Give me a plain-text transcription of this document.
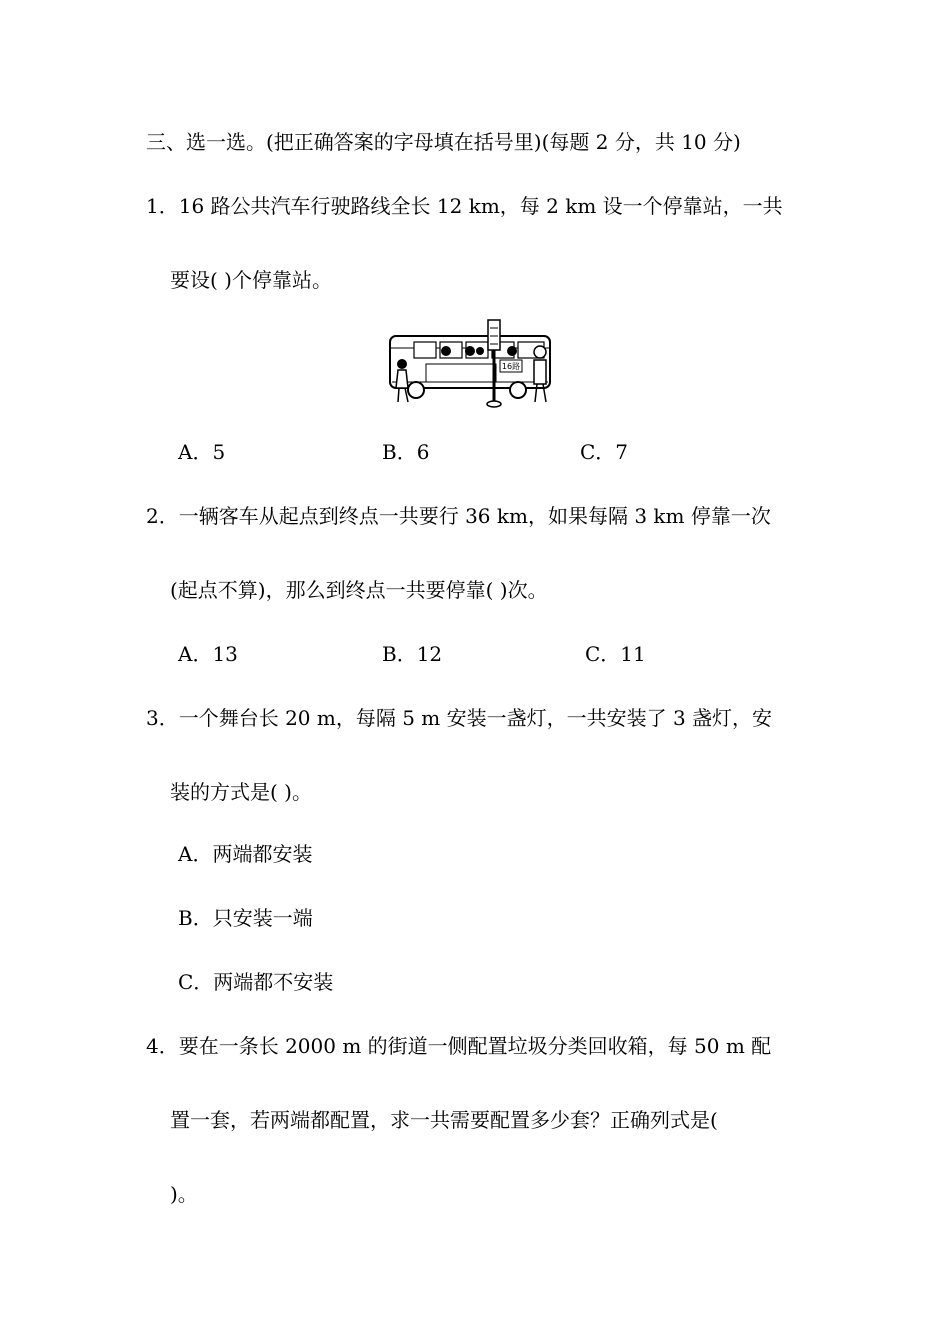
三、选一选。(把正确答案的字母填在括号里)(每题 2 分，共 10 分)
1．16 路公共汽车行驶路线全长 12 km，每 2 km 设一个停靠站，一共
要设( )个停靠站。
16路
A．5	B．6	C．7
2．一辆客车从起点到终点一共要行 36 km，如果每隔 3 km 停靠一次
(起点不算)，那么到终点一共要停靠( )次。
A．13	B．12	C．11
3．一个舞台长 20 m，每隔 5 m 安装一盏灯，一共安装了 3 盏灯，安
装的方式是( )。
A．两端都安装
B．只安装一端
C．两端都不安装
4．要在一条长 2000 m 的街道一侧配置垃圾分类回收箱，每 50 m 配
置一套，若两端都配置，求一共需要配置多少套？正确列式是(
)。
